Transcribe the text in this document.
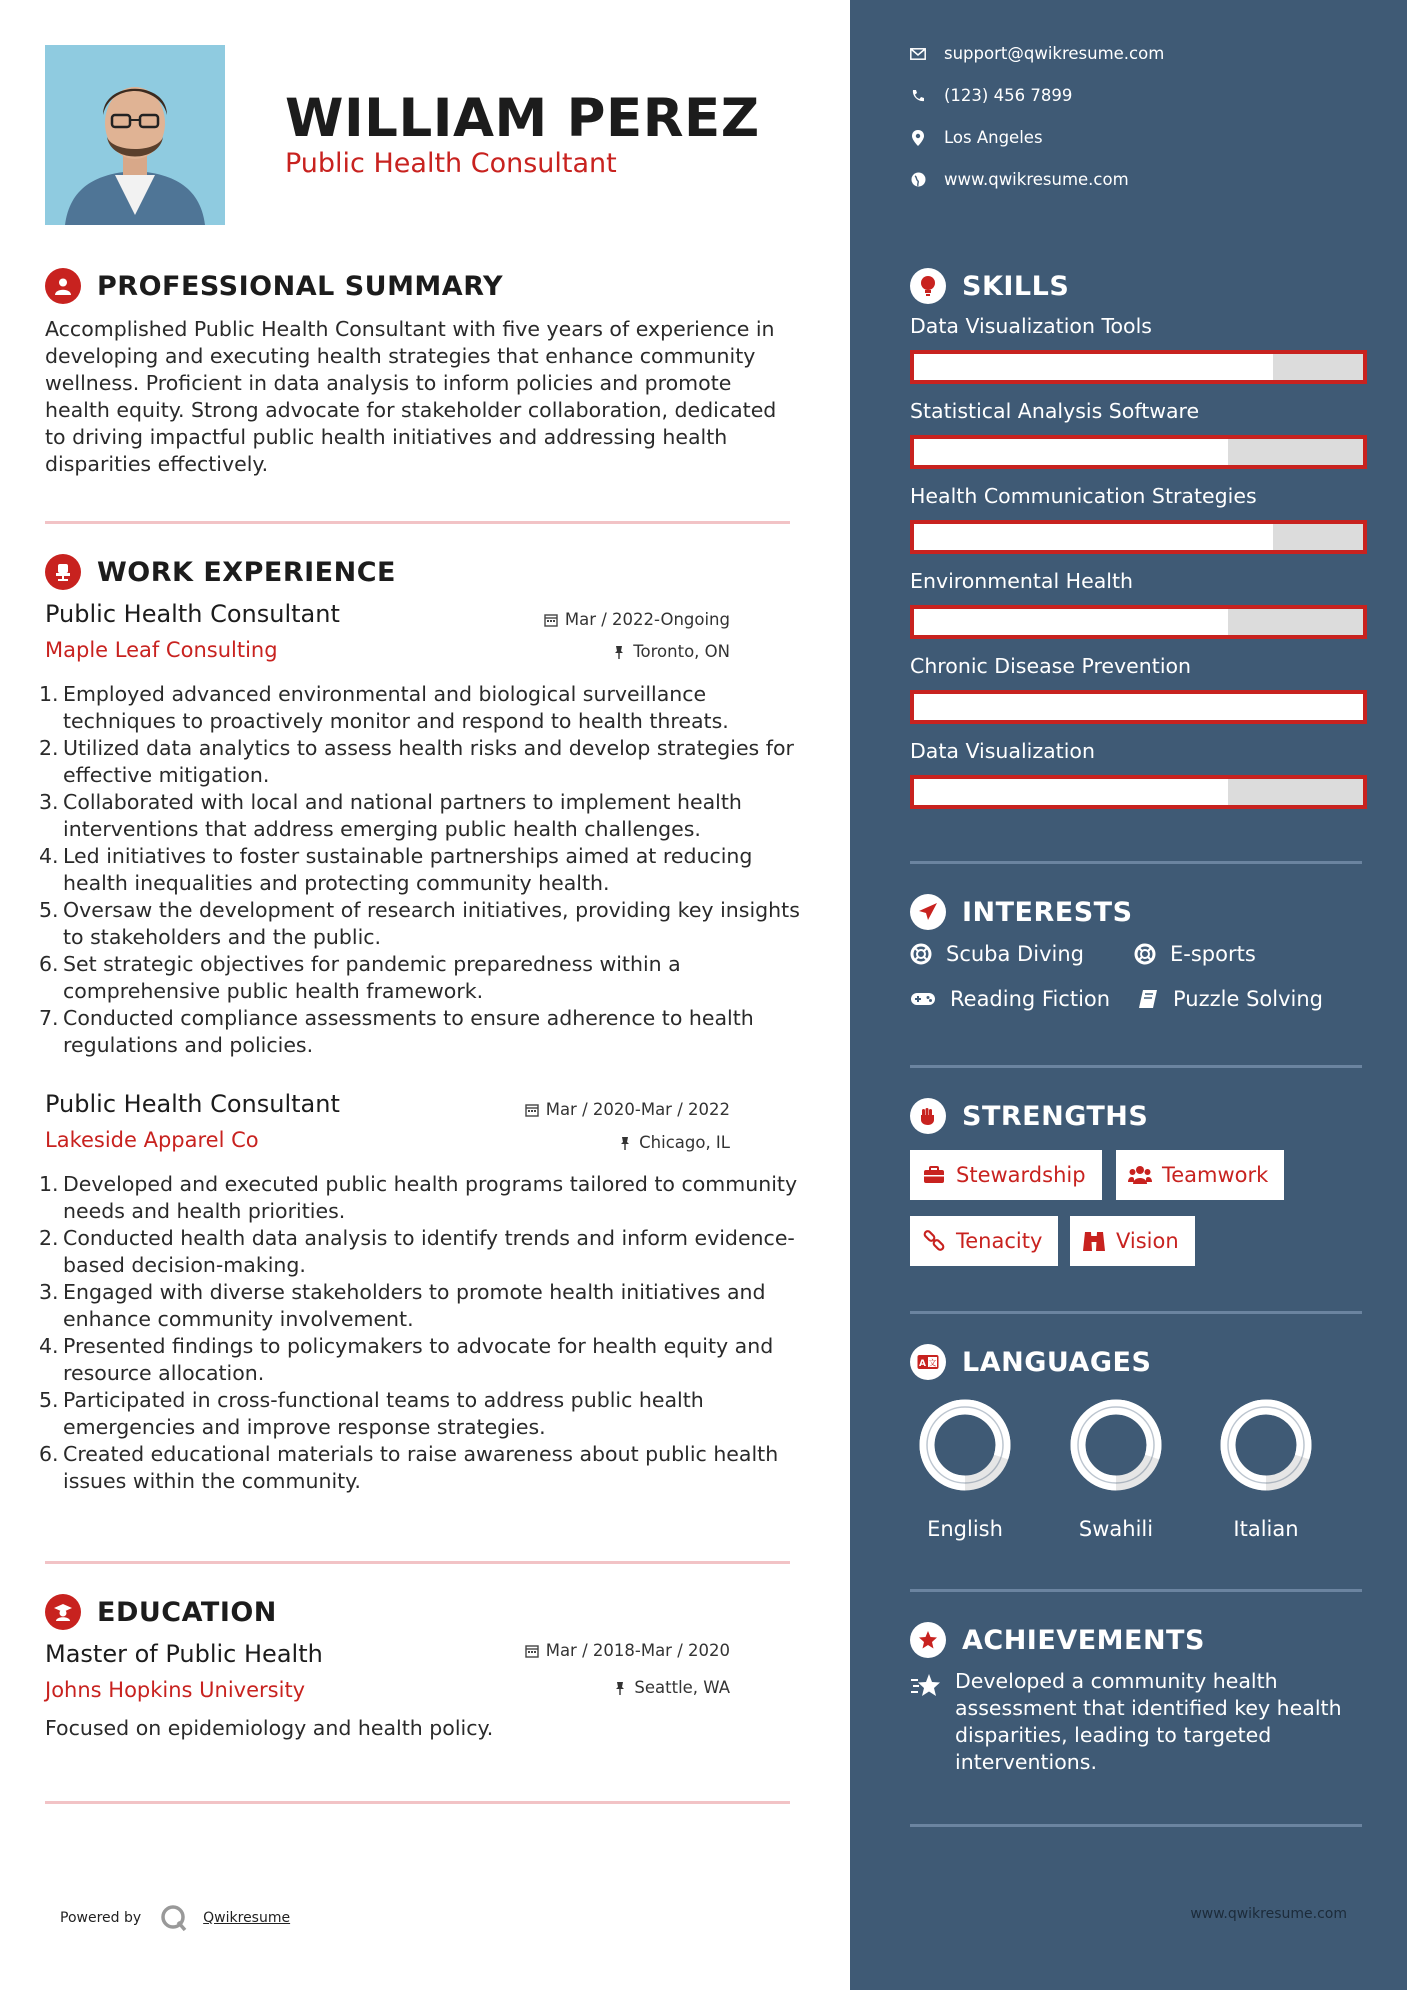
WILLIAM PEREZ
Public Health Consultant
PROFESSIONAL SUMMARY
Accomplished Public Health Consultant with five years of experience in developing and executing health strategies that enhance community wellness. Proficient in data analysis to inform policies and promote health equity. Strong advocate for stakeholder collaboration, dedicated to driving impactful public health initiatives and addressing health disparities effectively.
WORK EXPERIENCE
Public Health Consultant
Maple Leaf Consulting
Mar / 2022-Ongoing
Toronto, ON
1. Employed advanced environmental and biological surveillance techniques to proactively monitor and respond to health threats.
2. Utilized data analytics to assess health risks and develop strategies for effective mitigation.
3. Collaborated with local and national partners to implement health interventions that address emerging public health challenges.
4. Led initiatives to foster sustainable partnerships aimed at reducing health inequalities and protecting community health.
5. Oversaw the development of research initiatives, providing key insights to stakeholders and the public.
6. Set strategic objectives for pandemic preparedness within a comprehensive public health framework.
7. Conducted compliance assessments to ensure adherence to health regulations and policies.
Public Health Consultant
Lakeside Apparel Co
Mar / 2020-Mar / 2022
Chicago, IL
1. Developed and executed public health programs tailored to community needs and health priorities.
2. Conducted health data analysis to identify trends and inform evidence-based decision-making.
3. Engaged with diverse stakeholders to promote health initiatives and enhance community involvement.
4. Presented findings to policymakers to advocate for health equity and resource allocation.
5. Participated in cross-functional teams to address public health emergencies and improve response strategies.
6. Created educational materials to raise awareness about public health issues within the community.
EDUCATION
Master of Public Health
Johns Hopkins University
Mar / 2018-Mar / 2020
Seattle, WA
Focused on epidemiology and health policy.
Powered by	Qwikresume
support@qwikresume.com
(123) 456 7899
Los Angeles
www.qwikresume.com
SKILLS
Data Visualization Tools
Statistical Analysis Software
Health Communication Strategies
Environmental Health
Chronic Disease Prevention
Data Visualization
INTERESTS
Scuba Diving	E-sports
Reading Fiction	Puzzle Solving
STRENGTHS
Stewardship	Teamwork
Tenacity	Vision
A 文 LANGUAGES
English	Swahili	Italian
ACHIEVEMENTS
Developed a community health assessment that identified key health disparities, leading to targeted interventions.
www.qwikresume.com
